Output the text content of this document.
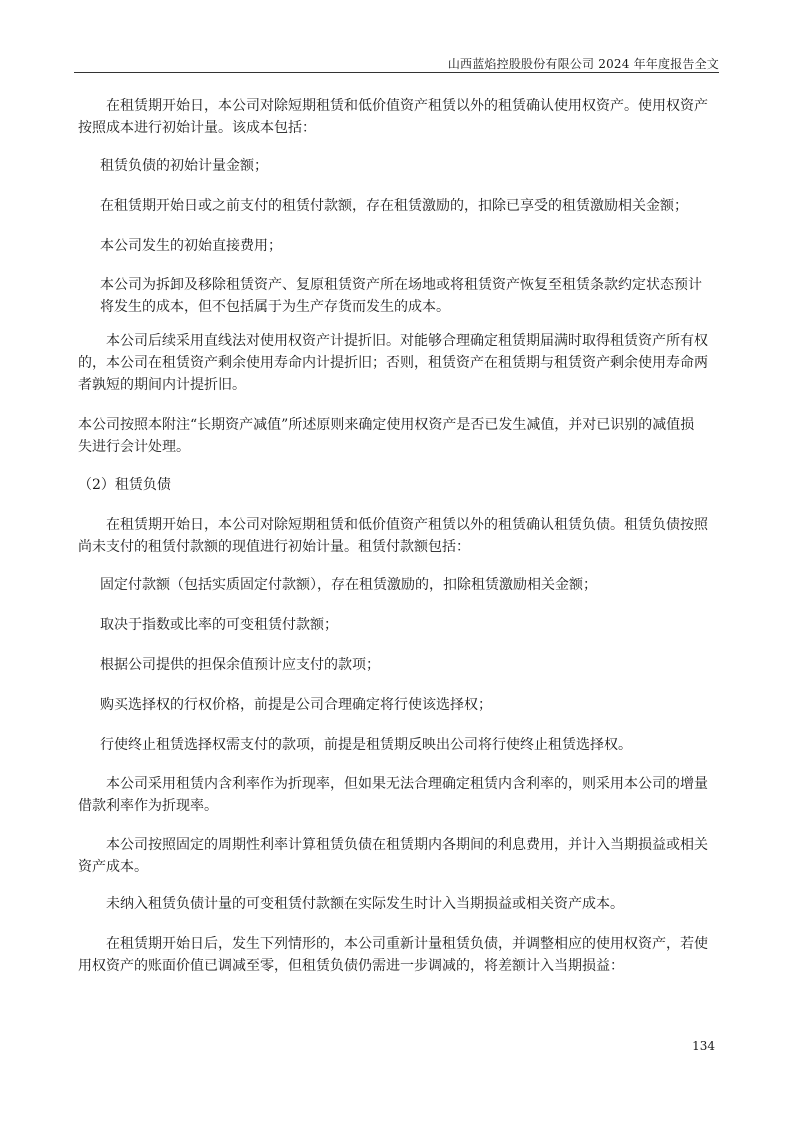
山西蓝焰控股股份有限公司 2024 年年度报告全文
在租赁期开始日，本公司对除短期租赁和低价值资产租赁以外的租赁确认使用权资产。使用权资产
按照成本进行初始计量。该成本包括：
租赁负债的初始计量金额；
在租赁期开始日或之前支付的租赁付款额，存在租赁激励的，扣除已享受的租赁激励相关金额；
本公司发生的初始直接费用；
本公司为拆卸及移除租赁资产、复原租赁资产所在场地或将租赁资产恢复至租赁条款约定状态预计
将发生的成本，但不包括属于为生产存货而发生的成本。
本公司后续采用直线法对使用权资产计提折旧。对能够合理确定租赁期届满时取得租赁资产所有权
的，本公司在租赁资产剩余使用寿命内计提折旧；否则，租赁资产在租赁期与租赁资产剩余使用寿命两
者孰短的期间内计提折旧。
本公司按照本附注“长期资产减值”所述原则来确定使用权资产是否已发生减值，并对已识别的减值损
失进行会计处理。
（2）租赁负债
在租赁期开始日，本公司对除短期租赁和低价值资产租赁以外的租赁确认租赁负债。租赁负债按照
尚未支付的租赁付款额的现值进行初始计量。租赁付款额包括：
固定付款额（包括实质固定付款额），存在租赁激励的，扣除租赁激励相关金额；
取决于指数或比率的可变租赁付款额；
根据公司提供的担保余值预计应支付的款项；
购买选择权的行权价格，前提是公司合理确定将行使该选择权；
行使终止租赁选择权需支付的款项，前提是租赁期反映出公司将行使终止租赁选择权。
本公司采用租赁内含利率作为折现率，但如果无法合理确定租赁内含利率的，则采用本公司的增量
借款利率作为折现率。
本公司按照固定的周期性利率计算租赁负债在租赁期内各期间的利息费用，并计入当期损益或相关
资产成本。
未纳入租赁负债计量的可变租赁付款额在实际发生时计入当期损益或相关资产成本。
在租赁期开始日后，发生下列情形的，本公司重新计量租赁负债，并调整相应的使用权资产，若使
用权资产的账面价值已调减至零，但租赁负债仍需进一步调减的，将差额计入当期损益：
134
